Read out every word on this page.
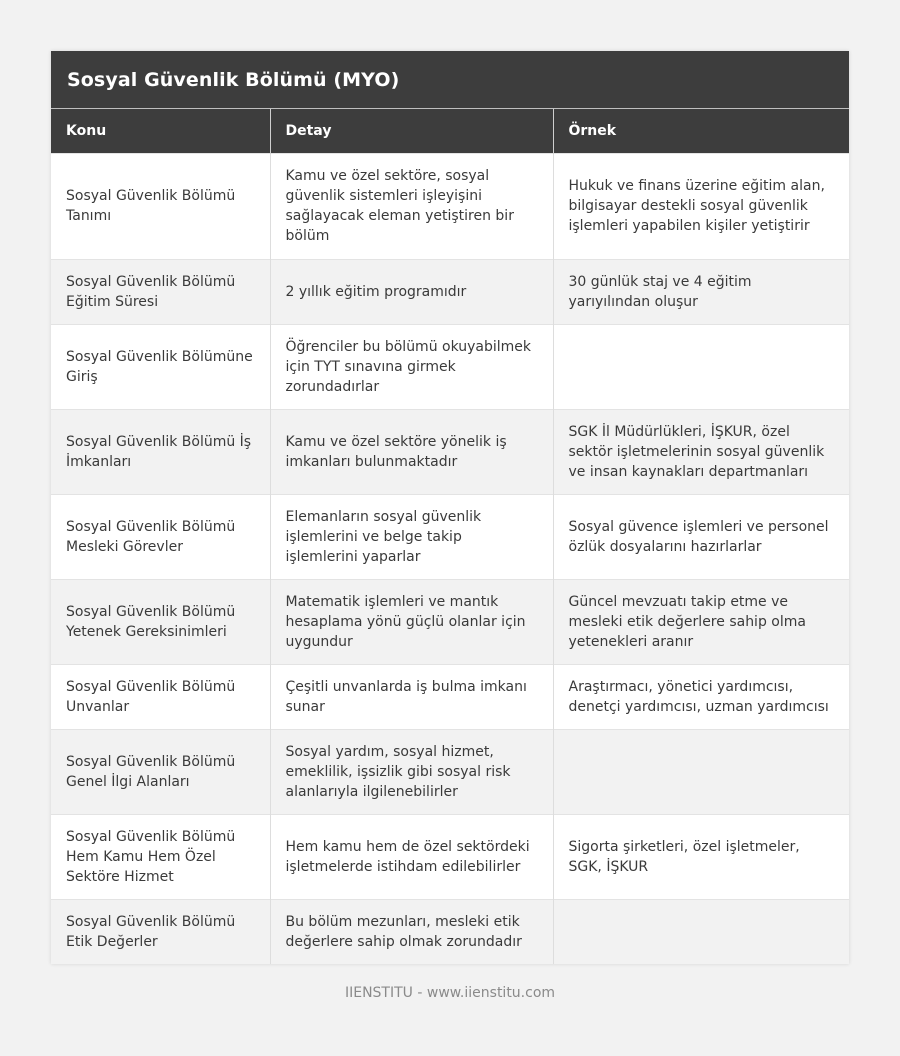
Sosyal Güvenlik Bölümü (MYO)
Konu	Detay	Örnek
Sosyal Güvenlik Bölümü Tanımı	Kamu ve özel sektöre, sosyal güvenlik sistemleri işleyişini sağlayacak eleman yetiştiren bir bölüm	Hukuk ve finans üzerine eğitim alan, bilgisayar destekli sosyal güvenlik işlemleri yapabilen kişiler yetiştirir
Sosyal Güvenlik Bölümü Eğitim Süresi	2 yıllık eğitim programıdır	30 günlük staj ve 4 eğitim yarıyılından oluşur
Sosyal Güvenlik Bölümüne Giriş	Öğrenciler bu bölümü okuyabilmek için TYT sınavına girmek zorundadırlar	
Sosyal Güvenlik Bölümü İş İmkanları	Kamu ve özel sektöre yönelik iş imkanları bulunmaktadır	SGK İl Müdürlükleri, İŞKUR, özel sektör işletmelerinin sosyal güvenlik ve insan kaynakları departmanları
Sosyal Güvenlik Bölümü Mesleki Görevler	Elemanların sosyal güvenlik işlemlerini ve belge takip işlemlerini yaparlar	Sosyal güvence işlemleri ve personel özlük dosyalarını hazırlarlar
Sosyal Güvenlik Bölümü Yetenek Gereksinimleri	Matematik işlemleri ve mantık hesaplama yönü güçlü olanlar için uygundur	Güncel mevzuatı takip etme ve mesleki etik değerlere sahip olma yetenekleri aranır
Sosyal Güvenlik Bölümü Unvanlar	Çeşitli unvanlarda iş bulma imkanı sunar	Araştırmacı, yönetici yardımcısı, denetçi yardımcısı, uzman yardımcısı
Sosyal Güvenlik Bölümü Genel İlgi Alanları	Sosyal yardım, sosyal hizmet, emeklilik, işsizlik gibi sosyal risk alanlarıyla ilgilenebilirler	
Sosyal Güvenlik Bölümü Hem Kamu Hem Özel Sektöre Hizmet	Hem kamu hem de özel sektördeki işletmelerde istihdam edilebilirler	Sigorta şirketleri, özel işletmeler, SGK, İŞKUR
Sosyal Güvenlik Bölümü Etik Değerler	Bu bölüm mezunları, mesleki etik değerlere sahip olmak zorundadır	
IIENSTITU - www.iienstitu.com
